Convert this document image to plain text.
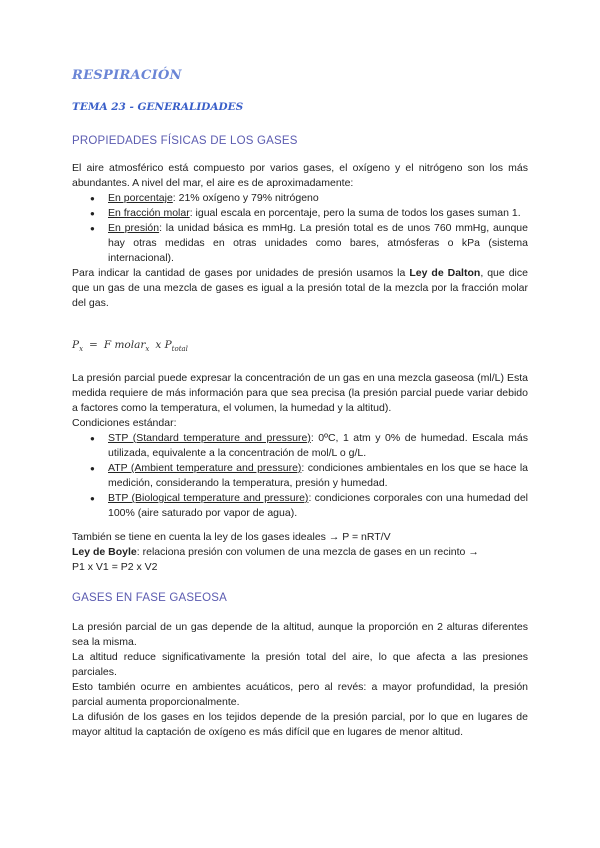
RESPIRACIÓN
TEMA 23 - GENERALIDADES
PROPIEDADES FÍSICAS DE LOS GASES
El aire atmosférico está compuesto por varios gases, el oxígeno y el nitrógeno son los más abundantes. A nivel del mar, el aire es de aproximadamente:
● En porcentaje: 21% oxígeno y 79% nitrógeno
● En fracción molar: igual escala en porcentaje, pero la suma de todos los gases suman 1.
● En presión: la unidad básica es mmHg. La presión total es de unos 760 mmHg, aunque hay otras medidas en otras unidades como bares, atmósferas o kPa (sistema internacional).
Para indicar la cantidad de gases por unidades de presión usamos la Ley de Dalton, que dice que un gas de una mezcla de gases es igual a la presión total de la mezcla por la fracción molar del gas.
$P_x = F$ molar$_x$ x $P_{total}$
La presión parcial puede expresar la concentración de un gas en una mezcla gaseosa (ml/L) Esta medida requiere de más información para que sea precisa (la presión parcial puede variar debido a factores como la temperatura, el volumen, la humedad y la altitud).
Condiciones estándar:
● STP (Standard temperature and pressure): 0ºC, 1 atm y 0% de humedad. Escala más utilizada, equivalente a la concentración de mol/L o g/L.
● ATP (Ambient temperature and pressure): condiciones ambientales en los que se hace la medición, considerando la temperatura, presión y humedad.
● BTP (Biological temperature and pressure): condiciones corporales con una humedad del 100% (aire saturado por vapor de agua).
También se tiene en cuenta la ley de los gases ideales → P = nRT/V
Ley de Boyle: relaciona presión con volumen de una mezcla de gases en un recinto →
P1 x V1 = P2 x V2
GASES EN FASE GASEOSA
La presión parcial de un gas depende de la altitud, aunque la proporción en 2 alturas diferentes sea la misma.
La altitud reduce significativamente la presión total del aire, lo que afecta a las presiones parciales.
Esto también ocurre en ambientes acuáticos, pero al revés: a mayor profundidad, la presión parcial aumenta proporcionalmente.
La difusión de los gases en los tejidos depende de la presión parcial, por lo que en lugares de mayor altitud la captación de oxígeno es más difícil que en lugares de menor altitud.
